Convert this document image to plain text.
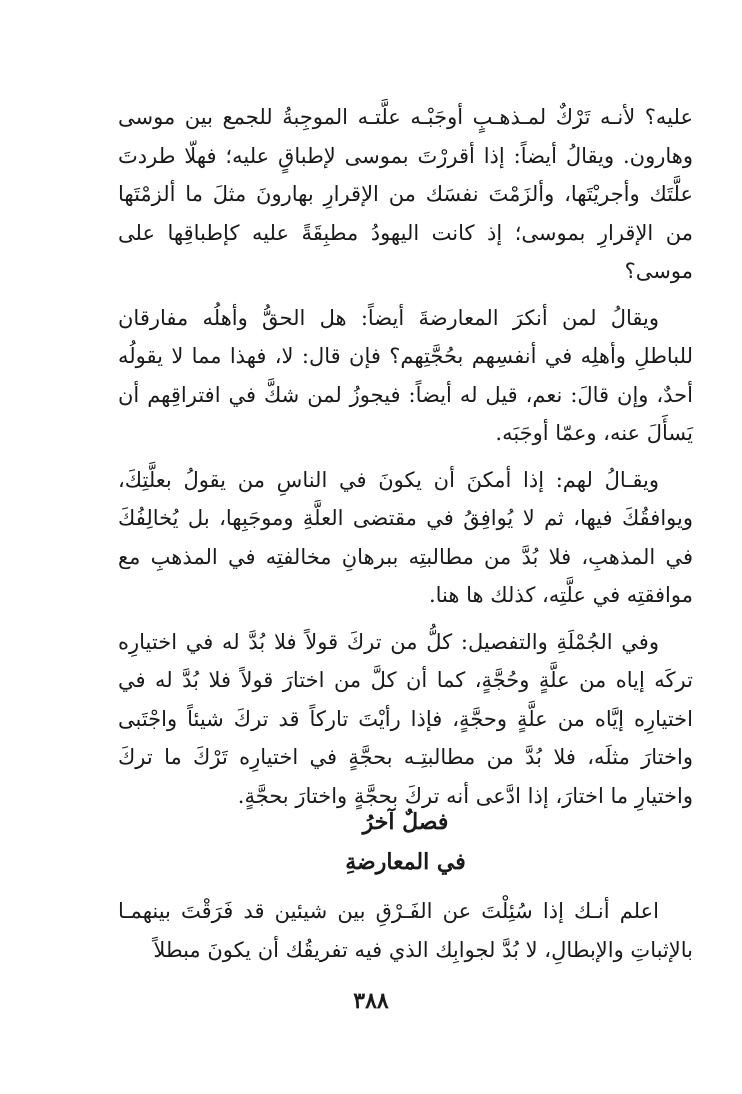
عليه؟ لأنـه تَرْكٌ لمـذهـبٍ أوجَبْـه علَّتـه الموجِبةُ للجمع بين موسى وهارون. ويقالُ أيضاً: إذا أقررْتَ بموسى لإطباقٍ عليه؛ فهلّا طردتَ علَّتَك وأجريْتَها، وألزَمْتَ نفسَك من الإقرارِ بهارونَ مثلَ ما ألزمْتَها من الإقرارِ بموسى؛ إذ كانت اليهودُ مطبِقَةً عليه كإطباقِها على موسى؟

ويقالُ لمن أنكرَ المعارضةَ أيضاً: هل الحقُّ وأهلُه مفارقان للباطلِ وأهلِه في أنفسِهم بحُجَّتِهم؟ فإن قال: لا، فهذا مما لا يقولُه أحدٌ، وإن قالَ: نعم، قيل له أيضاً: فيجوزُ لمن شكَّ في افتراقِهم أن يَسأَلَ عنه، وعمّا أوجَبَه.

ويقـالُ لهم: إذا أمكنَ أن يكونَ في الناسِ من يقولُ بعلَّتِكَ، ويوافقُكَ فيها، ثم لا يُوافِقُ في مقتضى العلَّةِ وموجَبِها، بل يُخالِفُكَ في المذهبِ، فلا بُدَّ من مطالبتِه ببرهانِ مخالفتِه في المذهبِ مع موافقتِه في علَّتِه، كذلك ها هنا.

وفي الجُمْلَةِ والتفصيل: كلُّ من تركَ قولاً فلا بُدَّ له في اختيارِه تركَه إياه من علَّةٍ وحُجَّةٍ، كما أن كلَّ من اختارَ قولاً فلا بُدَّ له في اختيارِه إيَّاه من علَّةٍ وحجَّةٍ، فإذا رأيْتَ تاركاً قد تركَ شيئاً واجْتَبى واختارَ مثلَه، فلا بُدَّ من مطالبتِـه بحجَّةٍ في اختيارِه تَرْكَ ما تركَ واختيارِ ما اختارَ، إذا ادَّعى أنه تركَ بحجَّةٍ واختارَ بحجَّةٍ.

فصلٌ آخرُ
في المعارضةِ

اعلم أنـك إذا سُئِلْتَ عن الفَـرْقِ بين شيئين قد فَرَقْتَ بينهمـا بالإثباتِ والإبطالِ، لا بُدَّ لجوابِك الذي فيه تفريقُك أن يكونَ مبطلاً

٣٨٨
